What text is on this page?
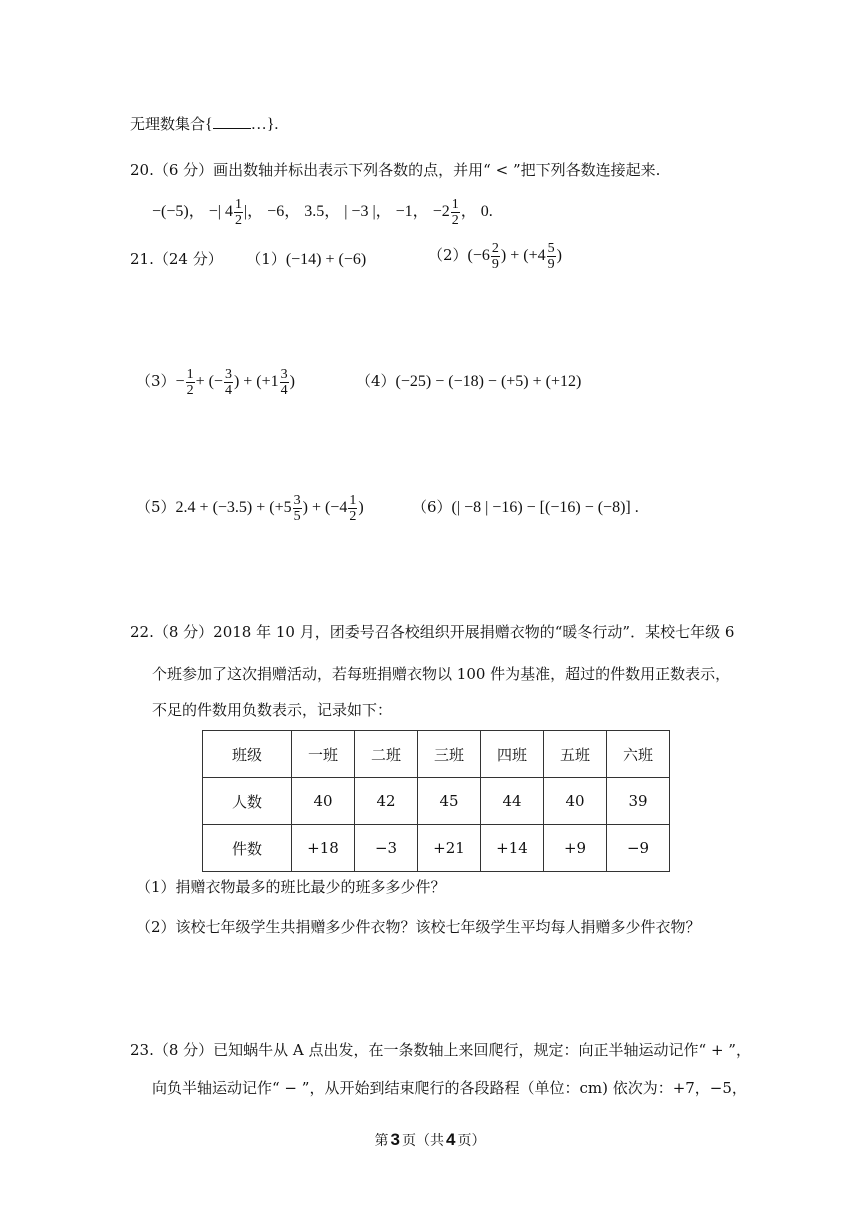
无理数集合{ …}.
20.（6 分）画出数轴并标出表示下列各数的点，并用“ < ”把下列各数连接起来.
−(−5)， −| $4 \frac{1}{2}$ |， −6， 3.5， | −3 |， −1， $-2 \frac{1}{2}$ ， 0.
21.（24 分） （1）(−14) + (−6)	$(2)(-6 \frac{2}{9}$ ) + ($+4 \frac{5}{9}$ )
$(3)- \frac{1}{2}$ + (− $\frac{3}{4}$ ) + ($+1 \frac{3}{4}$ )	（4）(−25) − (−18) − (+5) + (+12)
$(5)2.4 + (-3.5) + (+5 \frac{3}{5}$ ) + ($-4 \frac{1}{2}$ )	（6）(| −8 | −16) − [(−16) − (−8)] .
22.（8 分）2018 年 10 月，团委号召各校组织开展捐赠衣物的“暖冬行动”．某校七年级 6
个班参加了这次捐赠活动，若每班捐赠衣物以 100 件为基准，超过的件数用正数表示，
不足的件数用负数表示，记录如下：
班级	一班	二班	三班	四班	五班	六班
人数	40	42	45	44	40	39
件数	+18	−3	+21	+14	+9	−9
（1）捐赠衣物最多的班比最少的班多多少件？
（2）该校七年级学生共捐赠多少件衣物？该校七年级学生平均每人捐赠多少件衣物？
23.（8 分）已知蜗牛从 A 点出发，在一条数轴上来回爬行，规定：向正半轴运动记作“ + ”，
向负半轴运动记作“ − ”，从开始到结束爬行的各段路程（单位：cm) 依次为：+7，−5，
第 3 页（共 4 页）
